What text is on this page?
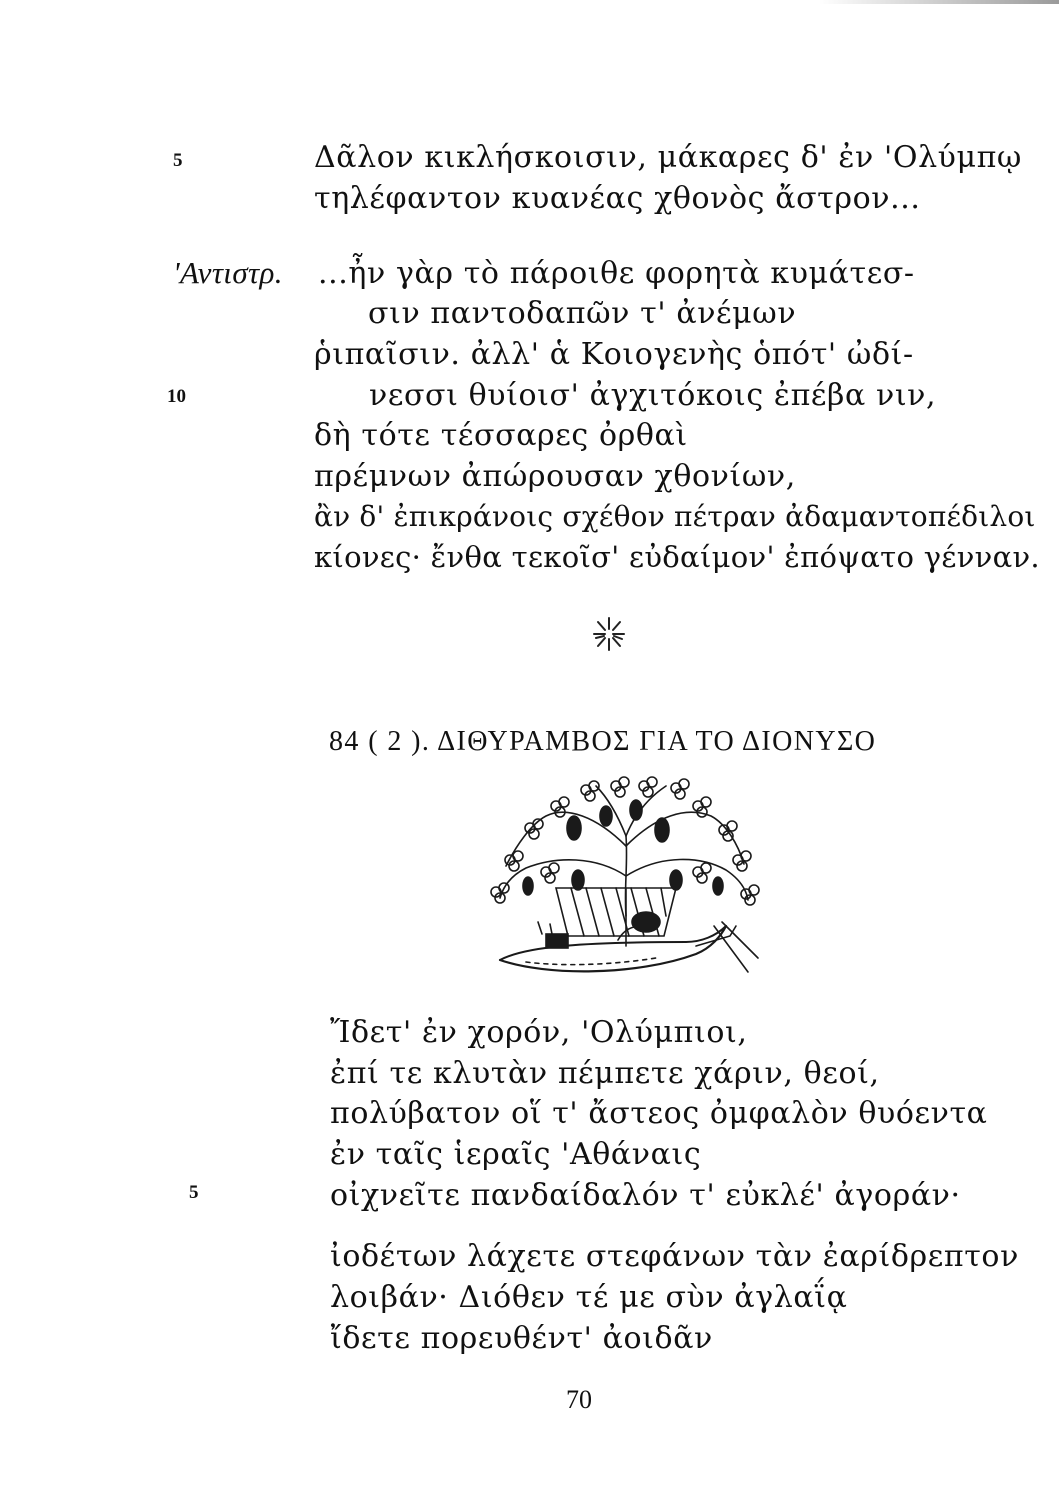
5	Δᾶλον κικλήσκοισιν, μάκαρες δ' ἐν 'Ολύμπῳ
τηλέφαντον κυανέας χθονὸς ἄστρον...
'Αντιστρ. ...ἦν γὰρ τὸ πάροιθε φορητὰ κυμάτεσ-
σιν παντοδαπῶν τ' ἀνέμων
ῥιπαῖσιν. ἀλλ' ἁ Κοιογενὴς ὁπότ' ὠδί-
10	νεσσι θυίοισ' ἀγχιτόκοις ἐπέβα νιν,
δὴ τότε τέσσαρες ὀρθαὶ
πρέμνων ἀπώρουσαν χθονίων,
ἂν δ' ἐπικράνοις σχέθον πέτραν ἀδαμαντοπέδιλοι
κίονες· ἔνθα τεκοῖσ' εὐδαίμον' ἐπόψατο γένναν.
84 ( 2 ). ΔΙΘΥΡΑΜΒΟΣ ΓΙΑ ΤΟ ΔΙΟΝΥΣΟ
Ἴδετ' ἐν χορόν, 'Ολύμπιοι,
ἐπί τε κλυτὰν πέμπετε χάριν, θεοί,
πολύβατον οἵ τ' ἄστεος ὀμφαλὸν θυόεντα
ἐν ταῖς ἱεραῖς 'Αθάναις
5	οἰχνεῖτε πανδαίδαλόν τ' εὐκλέ' ἀγοράν·
ἰοδέτων λάχετε στεφάνων τὰν ἐαρίδρεπτον
λοιβάν· Διόθεν τέ με σὺν ἀγλαΐᾳ
ἴδετε πορευθέντ' ἀοιδᾶν
70
